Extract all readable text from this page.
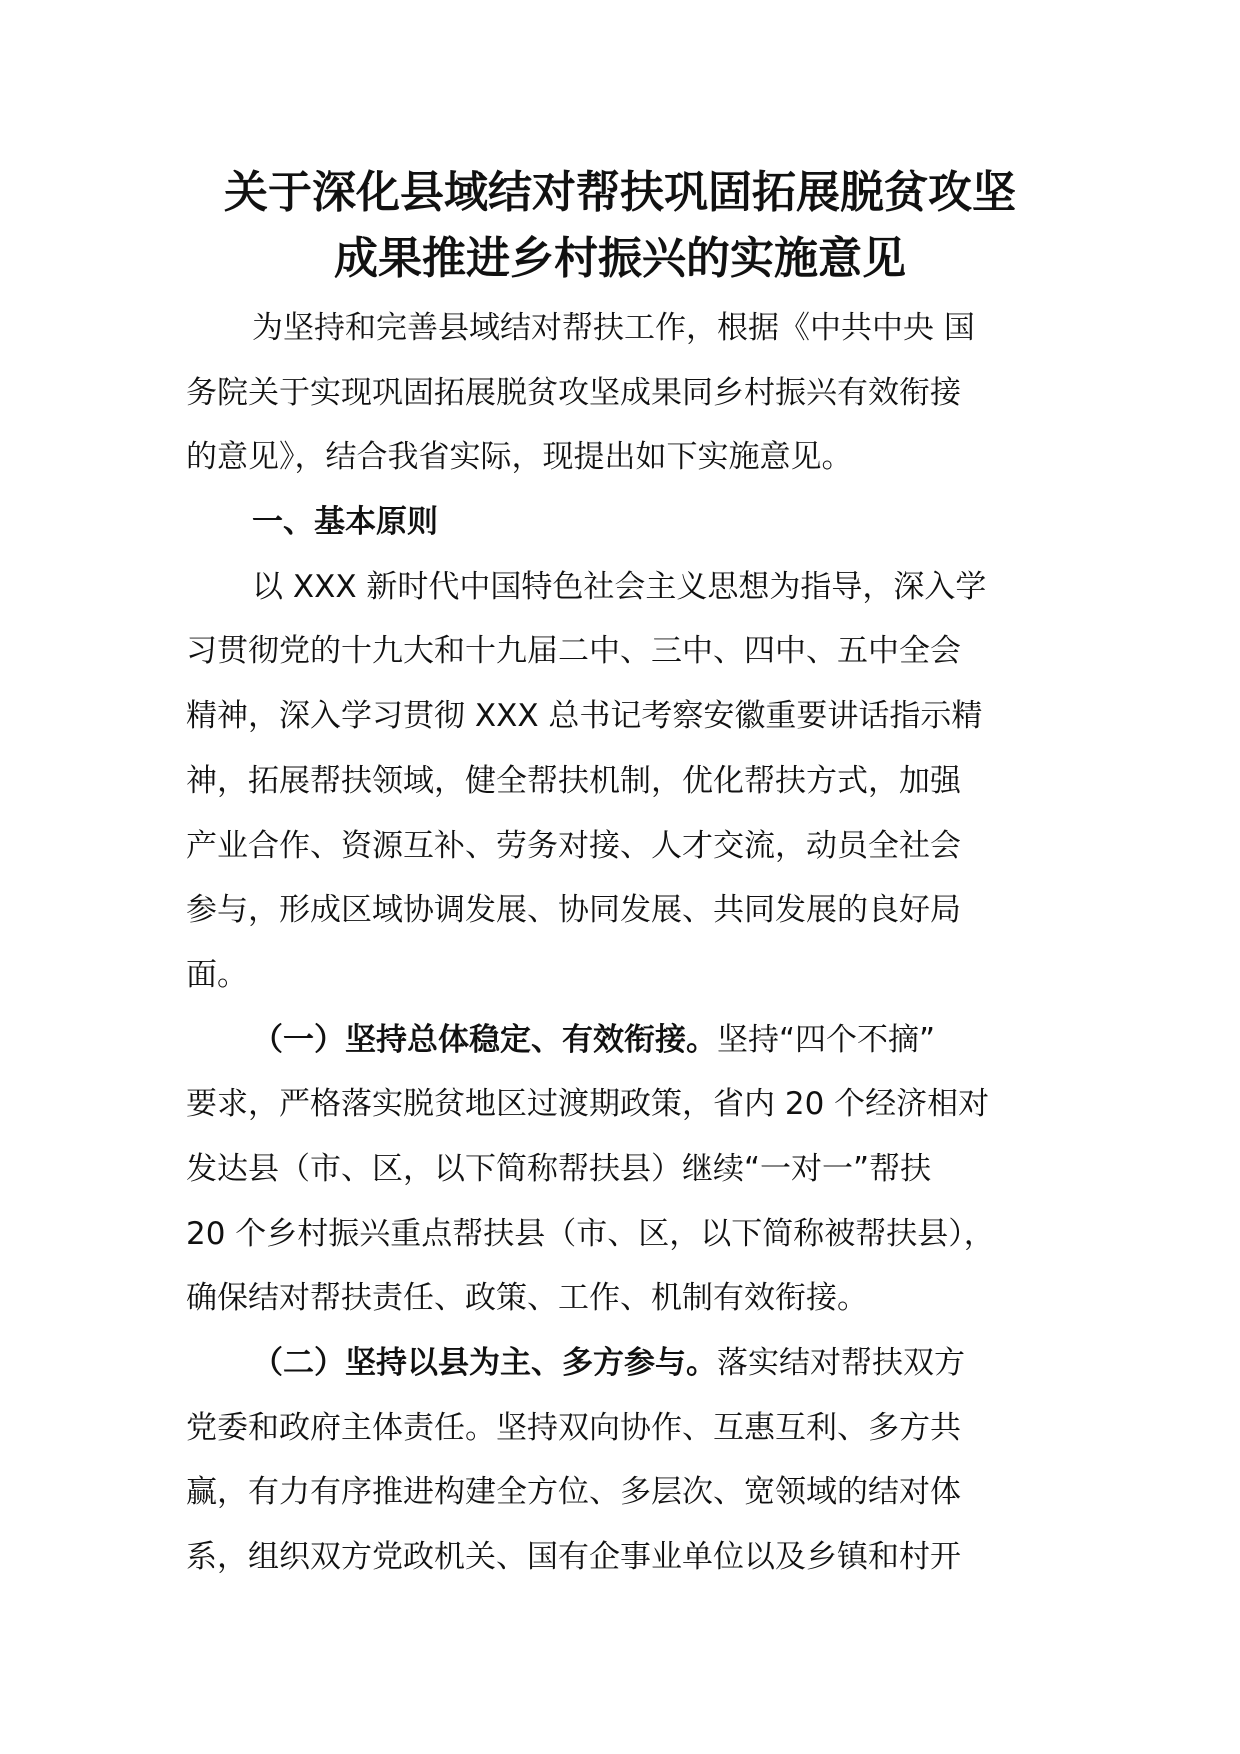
关于深化县域结对帮扶巩固拓展脱贫攻坚
成果推进乡村振兴的实施意见
为坚持和完善县域结对帮扶工作，根据《中共中央 国
务院关于实现巩固拓展脱贫攻坚成果同乡村振兴有效衔接
的意见》，结合我省实际，现提出如下实施意见。
一、基本原则
以 XXX 新时代中国特色社会主义思想为指导，深入学
习贯彻党的十九大和十九届二中、三中、四中、五中全会
精神，深入学习贯彻 XXX 总书记考察安徽重要讲话指示精
神，拓展帮扶领域，健全帮扶机制，优化帮扶方式，加强
产业合作、资源互补、劳务对接、人才交流，动员全社会
参与，形成区域协调发展、协同发展、共同发展的良好局
面。
（一）坚持总体稳定、有效衔接。坚持“四个不摘”
要求，严格落实脱贫地区过渡期政策，省内 20 个经济相对
发达县（市、区，以下简称帮扶县）继续“一对一”帮扶
20 个乡村振兴重点帮扶县（市、区，以下简称被帮扶县），
确保结对帮扶责任、政策、工作、机制有效衔接。
（二）坚持以县为主、多方参与。落实结对帮扶双方
党委和政府主体责任。坚持双向协作、互惠互利、多方共
赢，有力有序推进构建全方位、多层次、宽领域的结对体
系，组织双方党政机关、国有企事业单位以及乡镇和村开
